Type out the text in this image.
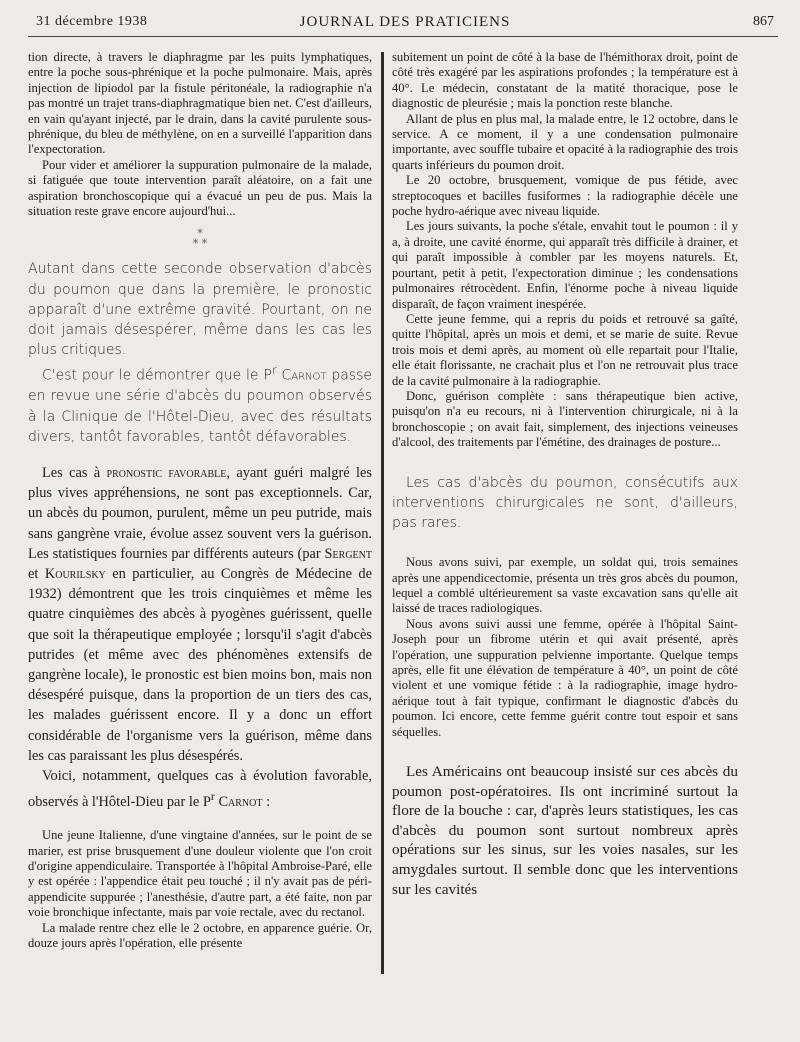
31 décembre 1938	JOURNAL DES PRATICIENS	867

tion directe, à travers le diaphragme par les puits lymphatiques, entre la poche sous-phrénique et la poche pulmonaire. Mais, après injection de lipiodol par la fistule péritonéale, la radiographie n'a pas montré un trajet trans-diaphragmatique bien net. C'est d'ailleurs, en vain qu'ayant injecté, par le drain, dans la cavité purulente sous-phrénique, du bleu de méthylène, on en a surveillé l'apparition dans l'expectoration.

Pour vider et améliorer la suppuration pulmonaire de la malade, si fatiguée que toute intervention paraît aléatoire, on a fait une aspiration bronchoscopique qui a évacué un peu de pus. Mais la situation reste grave encore aujourd'hui...

*
* *

Autant dans cette seconde observation d'abcès du poumon que dans la première, le pronostic apparaît d'une extrême gravité. Pourtant, on ne doit jamais désespérer, même dans les cas les plus critiques.

C'est pour le démontrer que le $P^r$ Carnot passe en revue une série d'abcès du poumon observés à la Clinique de l'Hôtel-Dieu, avec des résultats divers, tantôt favorables, tantôt défavorables.

Les cas à pronostic favorable, ayant guéri malgré les plus vives appréhensions, ne sont pas exceptionnels. Car, un abcès du poumon, purulent, même un peu putride, mais sans gangrène vraie, évolue assez souvent vers la guérison. Les statistiques fournies par différents auteurs (par Sergent et Kourilsky en particulier, au Congrès de Médecine de 1932) démontrent que les trois cinquièmes et même les quatre cinquièmes des abcès à pyogènes guérissent, quelle que soit la thérapeutique employée ; lorsqu'il s'agit d'abcès putrides (et même avec des phénomènes extensifs de gangrène locale), le pronostic est bien moins bon, mais non désespéré puisque, dans la proportion de un tiers des cas, les malades guérissent encore. Il y a donc un effort considérable de l'organisme vers la guérison, même dans les cas paraissant les plus désespérés.

Voici, notamment, quelques cas à évolution favorable, observés à l'Hôtel-Dieu par le $P^r$ Carnot :

Une jeune Italienne, d'une vingtaine d'années, sur le point de se marier, est prise brusquement d'une douleur violente que l'on croit d'origine appendiculaire. Transportée à l'hôpital Ambroise-Paré, elle y est opérée : l'appendice était peu touché ; il n'y avait pas de péri-appendicite suppurée ; l'anesthésie, d'autre part, a été faite, non par voie bronchique infectante, mais par voie rectale, avec du rectanol.

La malade rentre chez elle le 2 octobre, en apparence guérie. Or, douze jours après l'opération, elle présente

subitement un point de côté à la base de l'hémithorax droit, point de côté très exagéré par les aspirations profondes ; la température est à 40°. Le médecin, constatant de la matité thoracique, pose le diagnostic de pleurésie ; mais la ponction reste blanche.

Allant de plus en plus mal, la malade entre, le 12 octobre, dans le service. A ce moment, il y a une condensation pulmonaire importante, avec souffle tubaire et opacité à la radiographie des trois quarts inférieurs du poumon droit.

Le 20 octobre, brusquement, vomique de pus fétide, avec streptocoques et bacilles fusiformes : la radiographie décèle une poche hydro-aérique avec niveau liquide.

Les jours suivants, la poche s'étale, envahit tout le poumon : il y a, à droite, une cavité énorme, qui apparaît très difficile à drainer, et qui paraît impossible à combler par les moyens naturels. Et, pourtant, petit à petit, l'expectoration diminue ; les condensations pulmonaires rétrocèdent. Enfin, l'énorme poche à niveau liquide disparaît, de façon vraiment inespérée.

Cette jeune femme, qui a repris du poids et retrouvé sa gaîté, quitte l'hôpital, après un mois et demi, et se marie de suite. Revue trois mois et demi après, au moment où elle repartait pour l'Italie, elle était florissante, ne crachait plus et l'on ne retrouvait plus trace de la cavité pulmonaire à la radiographie.

Donc, guérison complète : sans thérapeutique bien active, puisqu'on n'a eu recours, ni à l'intervention chirurgicale, ni à la bronchoscopie ; on avait fait, simplement, des injections veineuses d'alcool, des traitements par l'émétine, des drainages de posture...

Les cas d'abcès du poumon, consécutifs aux interventions chirurgicales ne sont, d'ailleurs, pas rares.

Nous avons suivi, par exemple, un soldat qui, trois semaines après une appendicectomie, présenta un très gros abcès du poumon, lequel a comblé ultérieurement sa vaste excavation sans qu'elle ait laissé de traces radiologiques.

Nous avons suivi aussi une femme, opérée à l'hôpital Saint-Joseph pour un fibrome utérin et qui avait présenté, après l'opération, une suppuration pelvienne importante. Quelque temps après, elle fit une élévation de température à 40°, un point de côté violent et une vomique fétide : à la radiographie, image hydro-aérique tout à fait typique, confirmant le diagnostic d'abcès du poumon. Ici encore, cette femme guérit contre tout espoir et sans séquelles.

Les Américains ont beaucoup insisté sur ces abcès du poumon post-opératoires. Ils ont incriminé surtout la flore de la bouche : car, d'après leurs statistiques, les cas d'abcès du poumon sont surtout nombreux après opérations sur les sinus, sur les voies nasales, sur les amygdales surtout. Il semble donc que les interventions sur les cavités
